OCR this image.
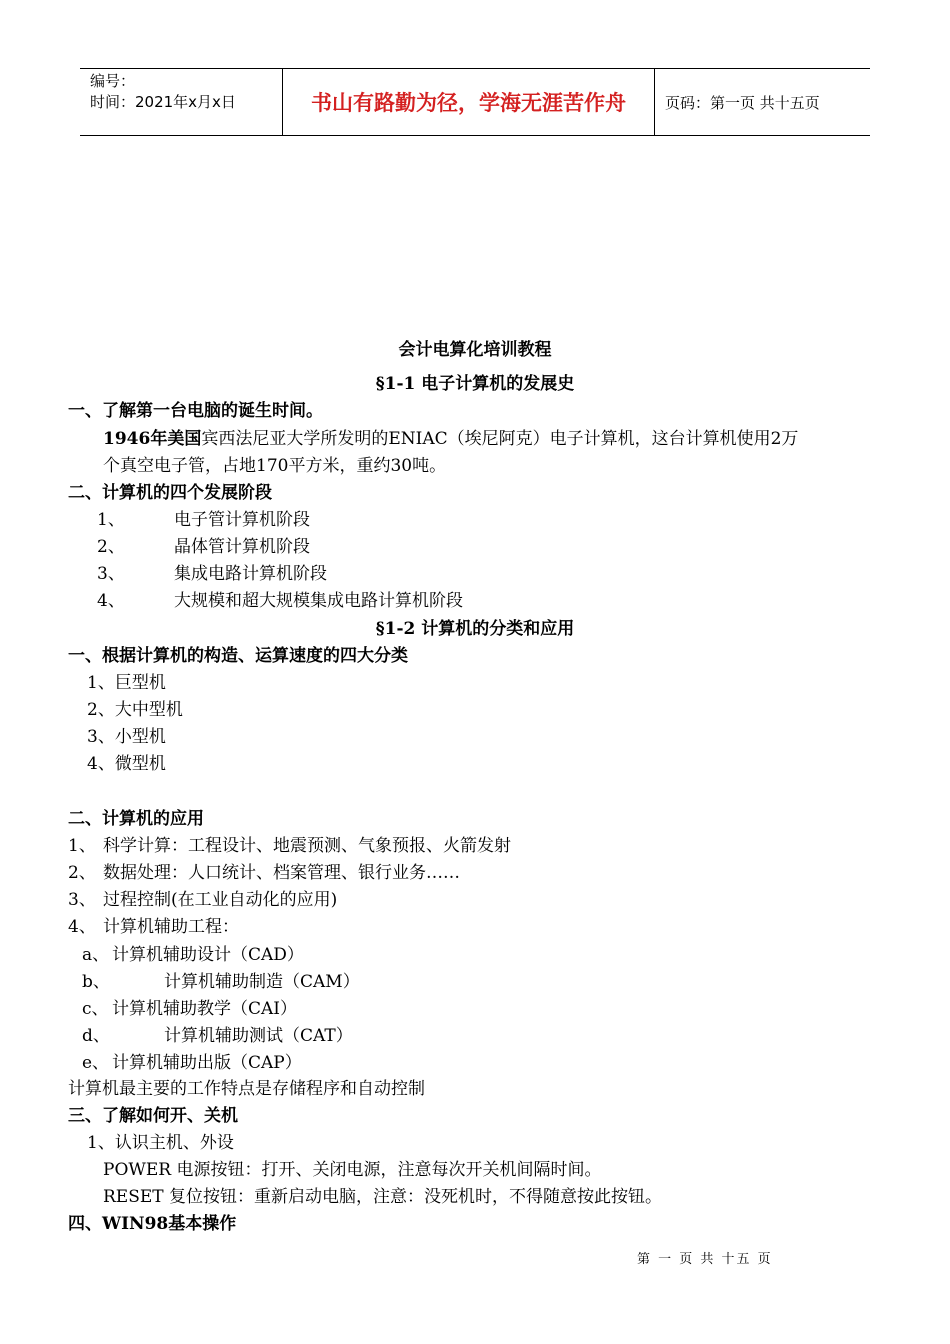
编号：
时间：2021年x月x日	书山有路勤为径，学海无涯苦作舟	页码：第一页 共十五页
会计电算化培训教程
§1-1 电子计算机的发展史
一、了解第一台电脑的诞生时间。
1946年美国宾西法尼亚大学所发明的ENIAC（埃尼阿克）电子计算机，这台计算机使用2万
个真空电子管，占地170平方米，重约30吨。
二、计算机的四个发展阶段
1、	电子管计算机阶段
2、	晶体管计算机阶段
3、	集成电路计算机阶段
4、	大规模和超大规模集成电路计算机阶段
§1-2 计算机的分类和应用
一、根据计算机的构造、运算速度的四大分类
1、巨型机
2、大中型机
3、小型机
4、微型机
二、计算机的应用
1、 科学计算：工程设计、地震预测、气象预报、火箭发射
2、 数据处理：人口统计、档案管理、银行业务……
3、 过程控制(在工业自动化的应用)
4、 计算机辅助工程：
a、 计算机辅助设计（CAD）
b、	计算机辅助制造（CAM）
c、 计算机辅助教学（CAI）
d、	计算机辅助测试（CAT）
e、 计算机辅助出版（CAP）
计算机最主要的工作特点是存储程序和自动控制
三、了解如何开、关机
1、认识主机、外设
POWER 电源按钮：打开、关闭电源，注意每次开关机间隔时间。
RESET 复位按钮：重新启动电脑，注意：没死机时，不得随意按此按钮。
四、WIN98基本操作
第 一 页 共 十五 页
